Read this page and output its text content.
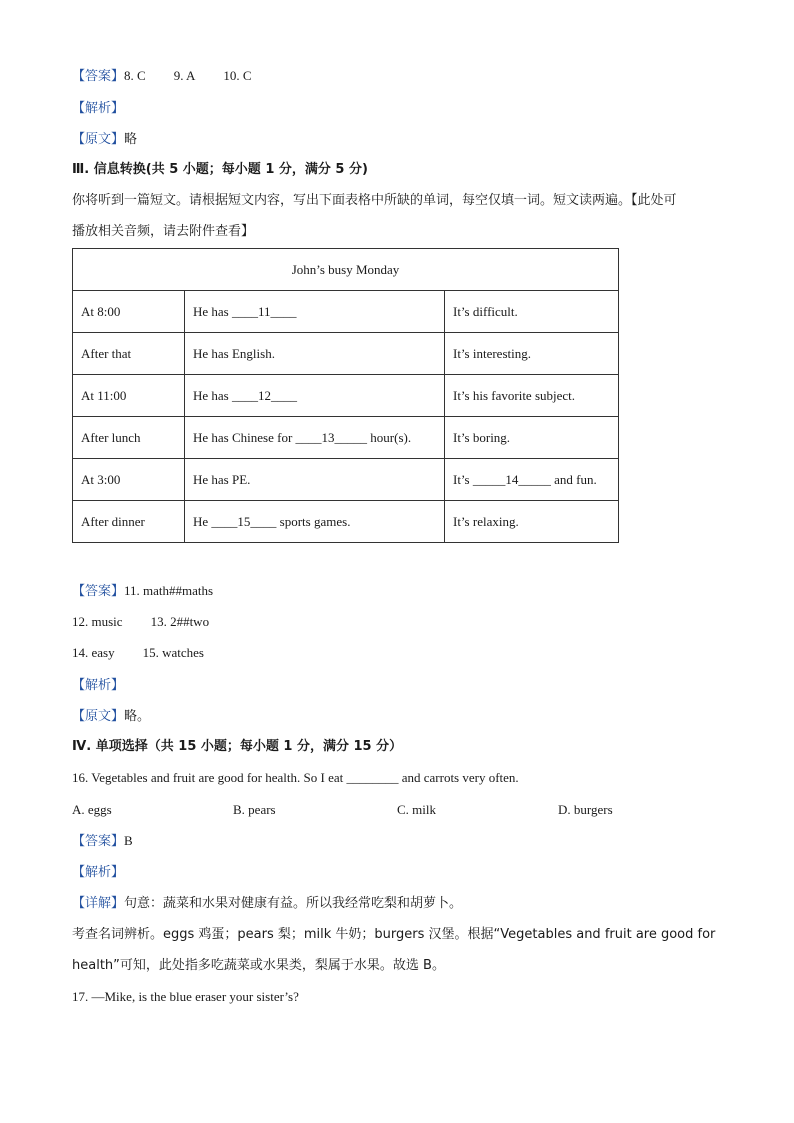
【答案】8. C 9. A 10. C
【解析】
【原文】略
Ⅲ. 信息转换(共 5 小题；每小题 1 分，满分 5 分)
你将听到一篇短文。请根据短文内容，写出下面表格中所缺的单词，每空仅填一词。短文读两遍。【此处可
播放相关音频，请去附件查看】
John’s busy Monday		
At 8:00	He has ____11____	It’s difficult.
After that	He has English.	It’s interesting.
At 11:00	He has ____12____	It’s his favorite subject.
After lunch	He has Chinese for ____13_____ hour(s).	It’s boring.
At 3:00	He has PE.	It’s _____14_____ and fun.
After dinner	He ____15____ sports games.	It’s relaxing.
【答案】11. math##maths
12. music 13. 2##two
14. easy 15. watches
【解析】
【原文】略。
Ⅳ. 单项选择（共 15 小题；每小题 1 分，满分 15 分）
16. Vegetables and fruit are good for health. So I eat ________ and carrots very often.
A. eggs	B. pears	C. milk	D. burgers
【答案】B
【解析】
【详解】句意：蔬菜和水果对健康有益。所以我经常吃梨和胡萝卜。
考查名词辨析。eggs 鸡蛋；pears 梨；milk 牛奶；burgers 汉堡。根据“Vegetables and fruit are good for
health”可知，此处指多吃蔬菜或水果类，梨属于水果。故选 B。
17. —Mike, is the blue eraser your sister’s?
